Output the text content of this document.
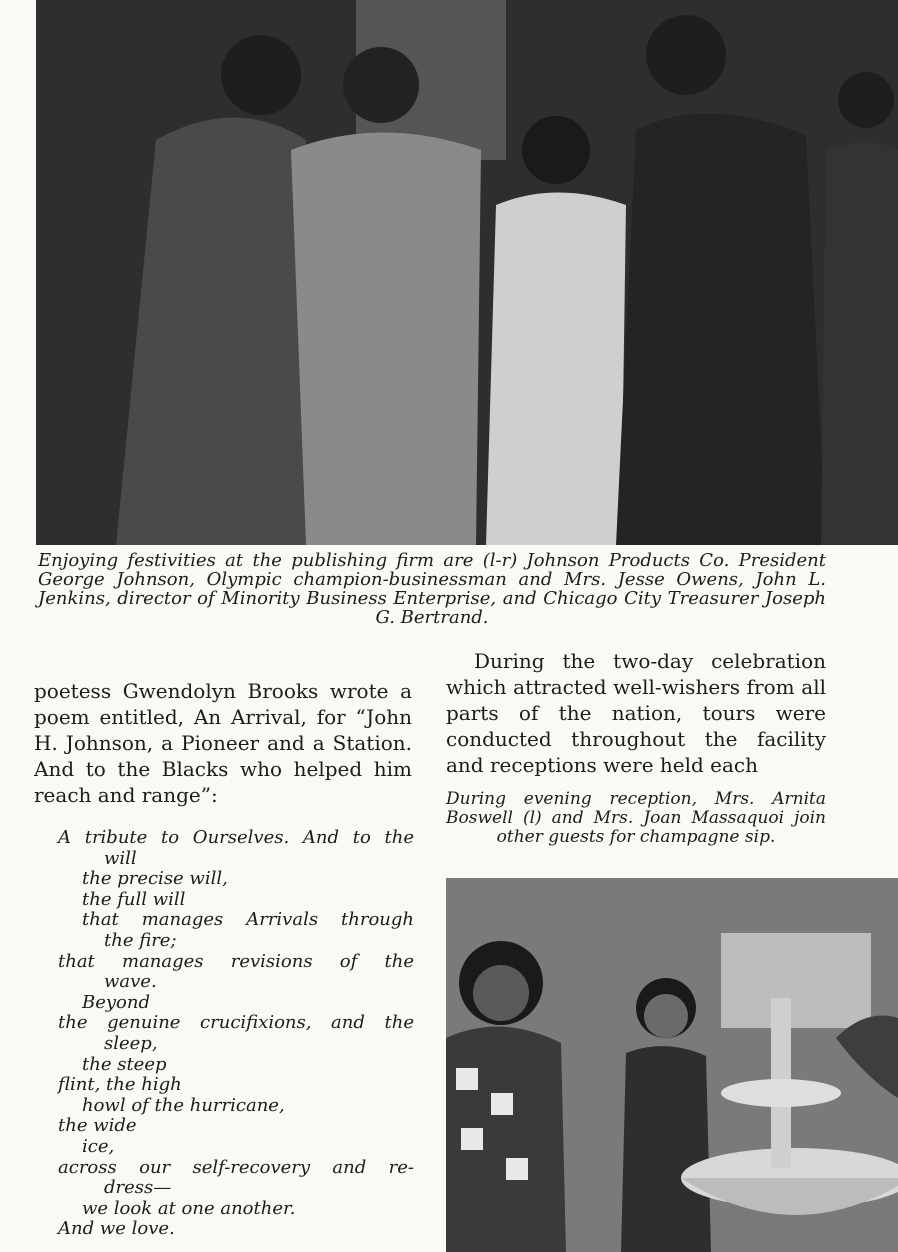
Enjoying festivities at the publishing firm are (l-r) Johnson Products Co. President George Johnson, Olympic champion-businessman and Mrs. Jesse Owens, John L. Jenkins, director of Minority Business Enterprise, and Chicago City Treasurer Joseph G. Bertrand.

poetess Gwendolyn Brooks wrote a poem entitled, An Arrival, for “John H. Johnson, a Pioneer and a Station. And to the Blacks who helped him reach and range”:

A tribute to Ourselves. And to the
will
the precise will,
the full will
that manages Arrivals through
the fire;
that manages revisions of the
wave.
Beyond
the genuine crucifixions, and the
sleep,
the steep
flint, the high
howl of the hurricane,
the wide
ice,
across our self-recovery and re-
dress—
we look at one another.
And we love.
During the two-day celebration which attracted well-wishers from all parts of the nation, tours were conducted throughout the facility and receptions were held each

During evening reception, Mrs. Arnita Boswell (l) and Mrs. Joan Massaquoi join other guests for champagne sip.
